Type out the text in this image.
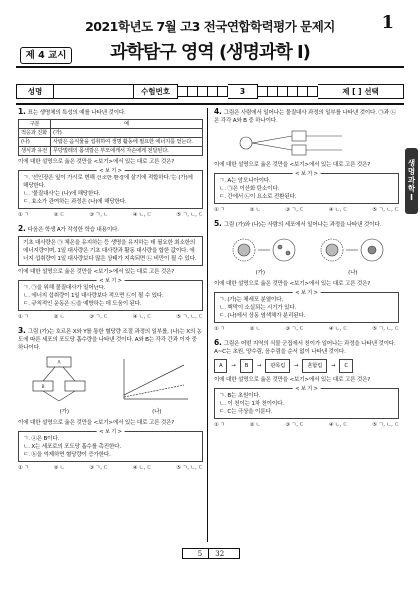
2021학년도 7월 고3 전국연합학력평가 문제지	1
제 4 교시	과학탐구 영역 (생명과학 Ⅰ)
성명	수험번호	3	제 [ ] 선택
1. 표는 생명체의 특성의 예를 나타낸 것이다.
구분	예
적응과 진화	(가)
(나)	사람은 음식물을 섭취하여 생명 활동에 필요한 에너지를 얻는다.
생식과 유전	무당벌레의 몸색깔은 부모에게서 자손에게 전달된다.
이에 대한 설명으로 옳은 것만을 <보기>에서 있는 대로 고른 것은?
< 보 기 >
ㄱ. '선인장은 잎이 가시로 변해 건조한 환경에 살기에 적합하다.'는 (가)에 해당한다.
ㄴ. '물질대사'는 (나)에 해당한다.
ㄷ. 효소가 관여하는 과정은 (나)에 해당한다.
① ㄱ	② ㄷ	③ ㄱ, ㄴ	④ ㄴ, ㄷ	⑤ ㄱ, ㄴ, ㄷ
2. 다음은 학생 A가 작성한 학습 내용이다.
기초 대사량은 ㉠ 체온을 유지하는 등 생명을 유지하는 데 필요한 최소한의 에너지량이며, 1일 대사량은 기초 대사량과 활동 대사량을 합한 값이다. 에너지 섭취량이 1일 대사량보다 많은 상태가 지속되면 ㉡ 비만이 될 수 있다.
이에 대한 설명으로 옳은 것만을 <보기>에서 있는 대로 고른 것은?
< 보 기 >
ㄱ. ㉠을 위해 물질대사가 일어난다.
ㄴ. 에너지 섭취량이 1일 대사량보다 적으면 ㉡이 될 수 있다.
ㄷ. 규칙적인 운동은 ㉡을 예방하는 데 도움이 된다.
① ㄱ	② ㄴ	③ ㄱ, ㄷ	④ ㄴ, ㄷ	⑤ ㄱ, ㄴ, ㄷ
3. 그림 (가)는 호르몬 X와 Y를 통한 혈당량 조절 과정의 일부를, (나)는 X의 농도에 따른 세포의 포도당 흡수량을 나타낸 것이다. A와 B는 각각 간과 이자 중 하나이다.
A
B
(가)	(나)
이에 대한 설명으로 옳은 것만을 <보기>에서 있는 대로 고른 것은?
< 보 기 >
ㄱ. ⓐ은 B이다.
ㄴ. X는 세포로의 포도당 흡수를 촉진한다.
ㄷ. ⓑ을 억제하면 혈당량이 증가한다.
① ㄱ	② ㄴ	③ ㄱ, ㄷ	④ ㄴ, ㄷ	⑤ ㄱ, ㄴ, ㄷ
4. 그림은 사람에서 일어나는 물질대사 과정의 일부를 나타낸 것이다. ㉠과 ㉡은 각각 A와 B 중 하나이다.
이에 대한 설명으로 옳은 것만을 <보기>에서 있는 대로 고른 것은?
< 보 기 >
ㄱ. A는 암모니아이다.
ㄴ. ㉠은 이산화 탄소이다.
ㄷ. 간에서 ㉡이 요소로 전환된다.
① ㄱ	② ㄴ	③ ㄱ, ㄷ	④ ㄴ, ㄷ	⑤ ㄱ, ㄴ, ㄷ
5. 그림 (가)와 (나)는 사람의 세포에서 일어나는 과정을 나타낸 것이다.
(가)	(나)
이에 대한 설명으로 옳은 것만을 <보기>에서 있는 대로 고른 것은?
< 보 기 >
ㄱ. (가)는 체세포 분열이다.
ㄴ. 핵막이 소실되는 시기가 있다.
ㄷ. (나)에서 상동 염색체가 분리된다.
① ㄱ	② ㄴ	③ ㄱ, ㄷ	④ ㄴ, ㄷ	⑤ ㄱ, ㄴ, ㄷ
6. 그림은 어떤 지역의 식물 군집에서 천이가 일어나는 과정을 나타낸 것이다. A~C는 초원, 양수림, 음수림을 순서 없이 나타낸 것이다.
A	→	B	→	관목림	→	혼합림	→	C
이에 대한 설명으로 옳은 것만을 <보기>에서 있는 대로 고른 것은?
< 보 기 >
ㄱ. B는 초원이다.
ㄴ. 이 천이는 1차 천이이다.
ㄷ. C는 극상을 이룬다.
① ㄱ	② ㄴ	③ ㄱ, ㄷ	④ ㄴ, ㄷ	⑤ ㄱ, ㄴ, ㄷ
생명과학Ⅰ
5 32
